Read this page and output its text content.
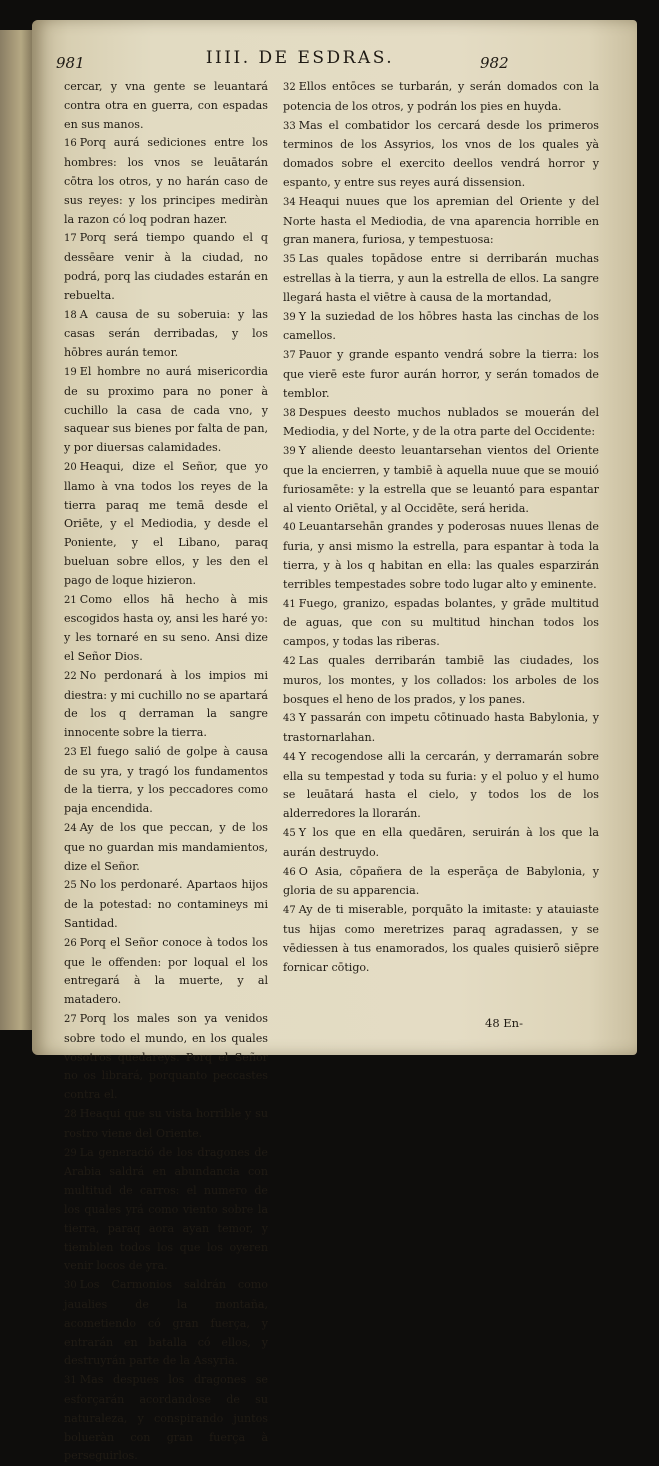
981	IIII. DE ESDRAS.	982

cercar, y vna gente se leuantará contra otra en guerra, con espadas en sus manos.

16 Porq aurá sediciones entre los hombres: los vnos se leuātarán cōtra los otros, y no harán caso de sus reyes: y los principes mediràn la razon có loq podran hazer.

17 Porq será tiempo quando el q dessēare venir à la ciudad, no podrá, porq las ciudades estarán en rebuelta.

18 A causa de su soberuia: y las casas serán derribadas, y los hōbres aurán temor.

19 El hombre no aurá misericordia de su proximo para no poner à cuchillo la casa de cada vno, y saquear sus bienes por falta de pan, y por diuersas calamidades.

20 Heaqui, dize el Señor, que yo llamo à vna todos los reyes de la tierra paraq me temā desde el Oriēte, y el Mediodia, y desde el Poniente, y el Libano, paraq bueluan sobre ellos, y les den el pago de loque hizieron.

21 Como ellos hā hecho à mis escogidos hasta oy, ansi les haré yo: y les tornaré en su seno. Ansi dize el Señor Dios.

22 No perdonará à los impios mi diestra: y mi cuchillo no se apartará de los q derraman la sangre innocente sobre la tierra.

23 El fuego salió de golpe à causa de su yra, y tragó los fundamentos de la tierra, y los peccadores como paja encendida.

24 Ay de los que peccan, y de los que no guardan mis mandamientos, dize el Señor.

25 No los perdonaré. Apartaos hijos de la potestad: no contamineys mi Santidad.

26 Porq el Señor conoce à todos los que le offenden: por loqual el los entregará à la muerte, y al matadero.

27 Porq los males son ya venidos sobre todo el mundo, en los quales vosotros quedareys. Porq el Señor no os librará, porquanto peccastes contra el.

28 Heaqui que su vista horrible y su rostro viene del Oriente.

29 La generació de los dragones de Arabia saldrá en abundancia con multitud de carros: el numero de los quales yrá como viento sobre la tierra, paraq aora ayan temor, y tiemblen todos los que los oyeren venir locos de yra.

30 Los Carmonios saldrán como jaualies de la montaña, acometiendo có gran fuerça, y entrarán en batalla có ellos, y destruyrán parte de la Assyria.

31 Mas despues los dragones se esforçarán acordandose de su naturaleza, y conspirando juntos bolueràn con gran fuerça à perseguirlos.

32 Ellos entōces se turbarán, y serán domados con la potencia de los otros, y podrán los pies en huyda.

33 Mas el combatidor los cercará desde los primeros terminos de los Assyrios, los vnos de los quales yà domados sobre el exercito deellos vendrá horror y espanto, y entre sus reyes aurá dissension.

34 Heaqui nuues que los apremian del Oriente y del Norte hasta el Mediodia, de vna aparencia horrible en gran manera, furiosa, y tempestuosa:

35 Las quales topādose entre si derribarán muchas estrellas à la tierra, y aun la estrella de ellos. La sangre llegará hasta el viētre à causa de la mortandad,

39 Y la suziedad de los hōbres hasta las cinchas de los camellos.

37 Pauor y grande espanto vendrá sobre la tierra: los que vierē este furor aurán horror, y serán tomados de temblor.

38 Despues deesto muchos nublados se mouerán del Mediodia, y del Norte, y de la otra parte del Occidente:

39 Y aliende deesto leuantarsehan vientos del Oriente que la encierren, y tambiē à aquella nuue que se mouió furiosamēte: y la estrella que se leuantó para espantar al viento Oriētal, y al Occidēte, será herida.

40 Leuantarsehān grandes y poderosas nuues llenas de furia, y ansi mismo la estrella, para espantar à toda la tierra, y à los q habitan en ella: las quales esparzirán terribles tempestades sobre todo lugar alto y eminente.

41 Fuego, granizo, espadas bolantes, y grāde multitud de aguas, que con su multitud hinchan todos los campos, y todas las riberas.

42 Las quales derribarán tambiē las ciudades, los muros, los montes, y los collados: los arboles de los bosques el heno de los prados, y los panes.

43 Y passarán con impetu cōtinuado hasta Babylonia, y trastornarlahan.

44 Y recogendose alli la cercarán, y derramarán sobre ella su tempestad y toda su furia: y el poluo y el humo se leuātará hasta el cielo, y todos los de los alderredores la llorarán.

45 Y los que en ella quedāren, seruirán à los que la aurán destruydo.

46 O Asia, cōpañera de la esperāça de Babylonia, y gloria de su apparencia.

47 Ay de ti miserable, porquāto la imitaste: y atauiaste tus hijas como meretrizes paraq agradassen, y se vēdiessen à tus enamorados, los quales quisierō siēpre fornicar cōtigo.

48 En-
